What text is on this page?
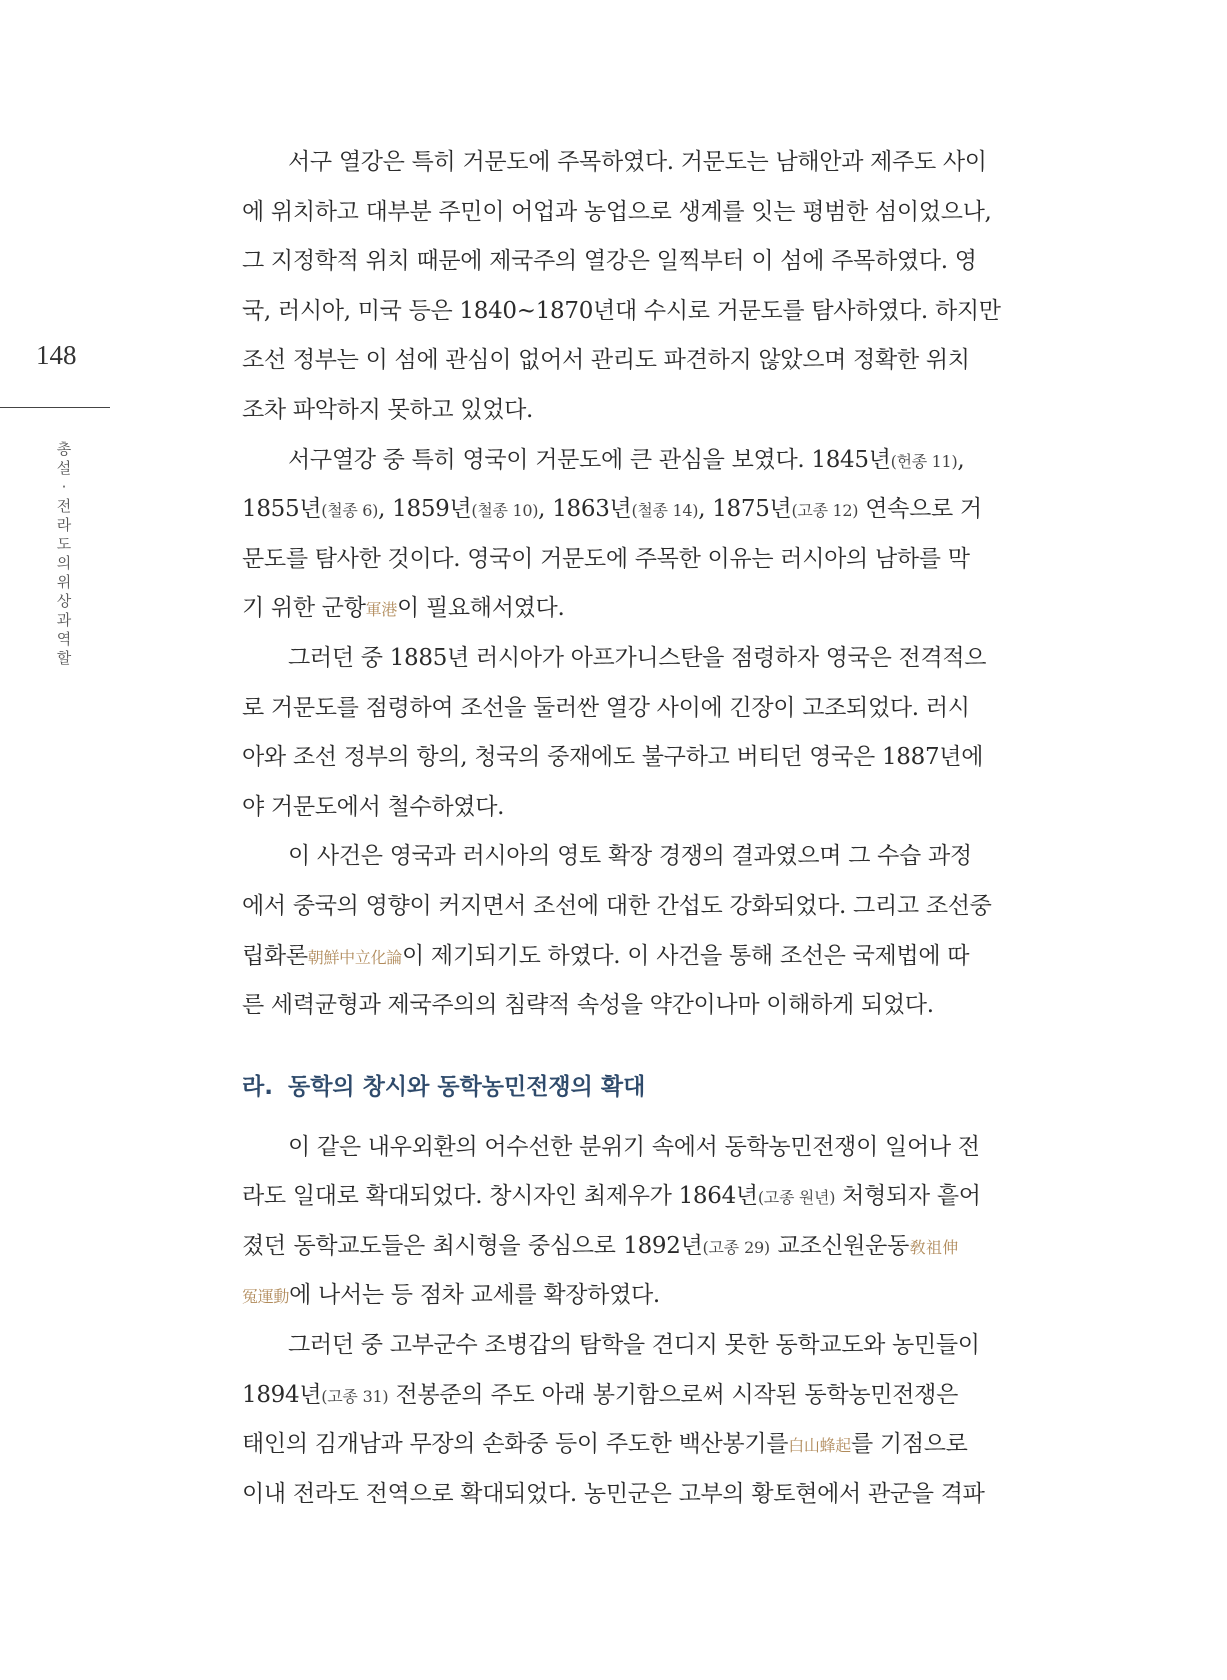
148
총설 · 전라도의 위상과 역할
서구 열강은 특히 거문도에 주목하였다. 거문도는 남해안과 제주도 사이
에 위치하고 대부분 주민이 어업과 농업으로 생계를 잇는 평범한 섬이었으나,
그 지정학적 위치 때문에 제국주의 열강은 일찍부터 이 섬에 주목하였다. 영
국, 러시아, 미국 등은 1840~1870년대 수시로 거문도를 탐사하였다. 하지만
조선 정부는 이 섬에 관심이 없어서 관리도 파견하지 않았으며 정확한 위치
조차 파악하지 못하고 있었다.
서구열강 중 특히 영국이 거문도에 큰 관심을 보였다. 1845년(헌종 11),
1855년(철종 6), 1859년(철종 10), 1863년(철종 14), 1875년(고종 12) 연속으로 거
문도를 탐사한 것이다. 영국이 거문도에 주목한 이유는 러시아의 남하를 막
기 위한 군항軍港이 필요해서였다.
그러던 중 1885년 러시아가 아프가니스탄을 점령하자 영국은 전격적으
로 거문도를 점령하여 조선을 둘러싼 열강 사이에 긴장이 고조되었다. 러시
아와 조선 정부의 항의, 청국의 중재에도 불구하고 버티던 영국은 1887년에
야 거문도에서 철수하였다.
이 사건은 영국과 러시아의 영토 확장 경쟁의 결과였으며 그 수습 과정
에서 중국의 영향이 커지면서 조선에 대한 간섭도 강화되었다. 그리고 조선중
립화론朝鮮中立化論이 제기되기도 하였다. 이 사건을 통해 조선은 국제법에 따
른 세력균형과 제국주의의 침략적 속성을 약간이나마 이해하게 되었다.
라. 동학의 창시와 동학농민전쟁의 확대
이 같은 내우외환의 어수선한 분위기 속에서 동학농민전쟁이 일어나 전
라도 일대로 확대되었다. 창시자인 최제우가 1864년(고종 원년) 처형되자 흩어
졌던 동학교도들은 최시형을 중심으로 1892년(고종 29) 교조신원운동敎祖伸
冤運動에 나서는 등 점차 교세를 확장하였다.
그러던 중 고부군수 조병갑의 탐학을 견디지 못한 동학교도와 농민들이
1894년(고종 31) 전봉준의 주도 아래 봉기함으로써 시작된 동학농민전쟁은
태인의 김개남과 무장의 손화중 등이 주도한 백산봉기를白山蜂起를 기점으로
이내 전라도 전역으로 확대되었다. 농민군은 고부의 황토현에서 관군을 격파
